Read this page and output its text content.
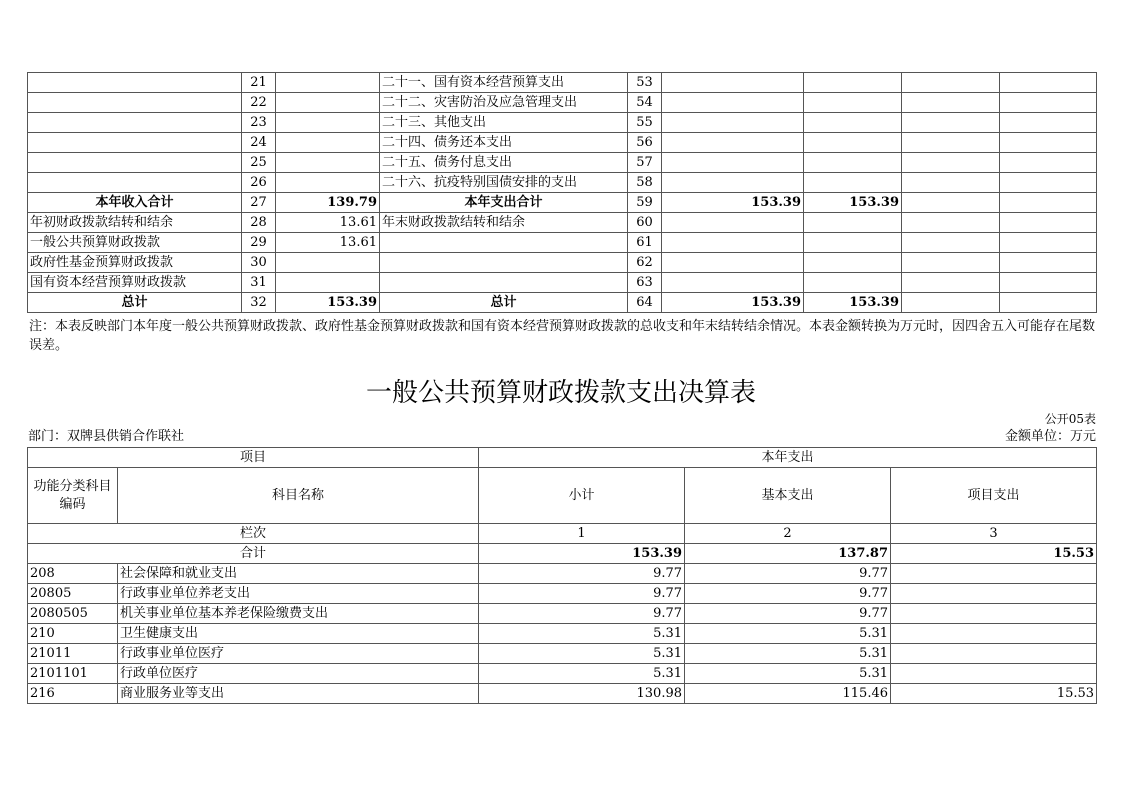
	21		二十一、国有资本经营预算支出	53				
	22		二十二、灾害防治及应急管理支出	54				
	23		二十三、其他支出	55				
	24		二十四、债务还本支出	56				
	25		二十五、债务付息支出	57				
	26		二十六、抗疫特别国债安排的支出	58				
本年收入合计	27	139.79	本年支出合计	59	153.39	153.39		
年初财政拨款结转和结余	28	13.61	年末财政拨款结转和结余	60				
一般公共预算财政拨款	29	13.61		61				
政府性基金预算财政拨款	30			62				
国有资本经营预算财政拨款	31			63				
总计	32	153.39	总计	64	153.39	153.39		
注：本表反映部门本年度一般公共预算财政拨款、政府性基金预算财政拨款和国有资本经营预算财政拨款的总收支和年末结转结余情况。本表金额转换为万元时，因四舍五入可能存在尾数误差。
一般公共预算财政拨款支出决算表
公开05表
部门：双牌县供销合作联社	金额单位：万元
项目		本年支出		
功能分类科目编码	科目名称	小计	基本支出	项目支出
栏次		1	2	3
合计		153.39	137.87	15.53
208	社会保障和就业支出	9.77	9.77	
20805	行政事业单位养老支出	9.77	9.77	
2080505	机关事业单位基本养老保险缴费支出	9.77	9.77	
210	卫生健康支出	5.31	5.31	
21011	行政事业单位医疗	5.31	5.31	
2101101	行政单位医疗	5.31	5.31	
216	商业服务业等支出	130.98	115.46	15.53
